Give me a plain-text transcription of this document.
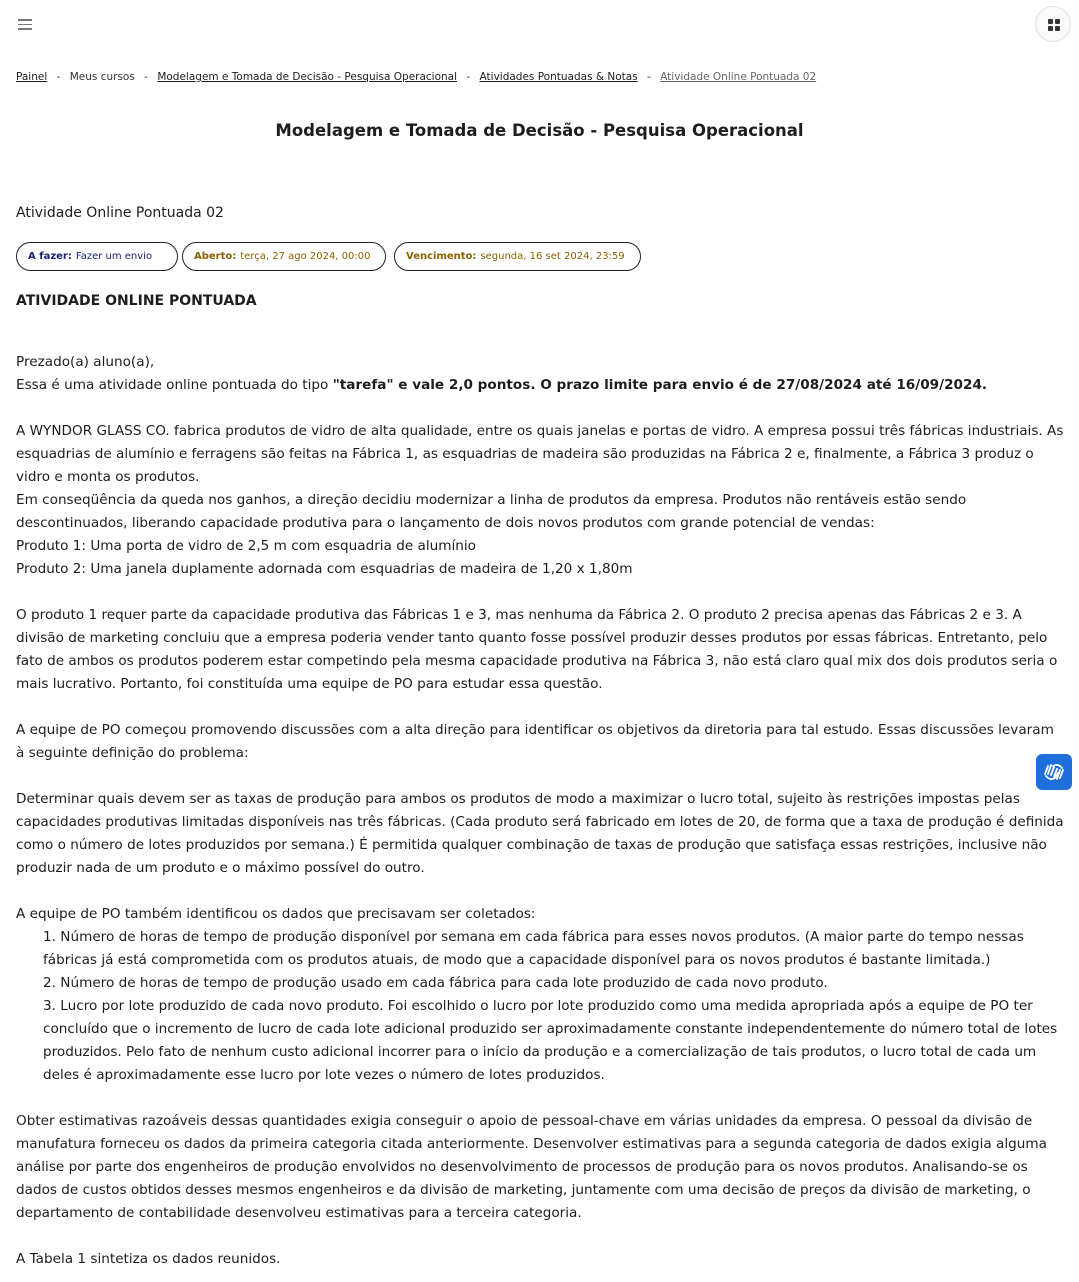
Painel - Meus cursos - Modelagem e Tomada de Decisão - Pesquisa Operacional - Atividades Pontuadas & Notas - Atividade Online Pontuada 02
Modelagem e Tomada de Decisão - Pesquisa Operacional
Atividade Online Pontuada 02
A fazer: Fazer um envio	Aberto: terça, 27 ago 2024, 00:00	Vencimento: segunda, 16 set 2024, 23:59

ATIVIDADE ONLINE PONTUADA

Prezado(a) aluno(a),

Essa é uma atividade online pontuada do tipo "tarefa" e vale 2,0 pontos. O prazo limite para envio é de 27/08/2024 até 16/09/2024.

A WYNDOR GLASS CO. fabrica produtos de vidro de alta qualidade, entre os quais janelas e portas de vidro. A empresa possui três fábricas industriais. As esquadrias de alumínio e ferragens são feitas na Fábrica 1, as esquadrias de madeira são produzidas na Fábrica 2 e, finalmente, a Fábrica 3 produz o vidro e monta os produtos.

Em conseqüência da queda nos ganhos, a direção decidiu modernizar a linha de produtos da empresa. Produtos não rentáveis estão sendo descontinuados, liberando capacidade produtiva para o lançamento de dois novos produtos com grande potencial de vendas:

Produto 1: Uma porta de vidro de 2,5 m com esquadria de alumínio

Produto 2: Uma janela duplamente adornada com esquadrias de madeira de 1,20 x 1,80m

O produto 1 requer parte da capacidade produtiva das Fábricas 1 e 3, mas nenhuma da Fábrica 2. O produto 2 precisa apenas das Fábricas 2 e 3. A divisão de marketing concluiu que a empresa poderia vender tanto quanto fosse possível produzir desses produtos por essas fábricas. Entretanto, pelo fato de ambos os produtos poderem estar competindo pela mesma capacidade produtiva na Fábrica 3, não está claro qual mix dos dois produtos seria o mais lucrativo. Portanto, foi constituída uma equipe de PO para estudar essa questão.

A equipe de PO começou promovendo discussões com a alta direção para identificar os objetivos da diretoria para tal estudo. Essas discussões levaram à seguinte definição do problema:

Determinar quais devem ser as taxas de produção para ambos os produtos de modo a maximizar o lucro total, sujeito às restrições impostas pelas capacidades produtivas limitadas disponíveis nas três fábricas. (Cada produto será fabricado em lotes de 20, de forma que a taxa de produção é definida como o número de lotes produzidos por semana.) É permitida qualquer combinação de taxas de produção que satisfaça essas restrições, inclusive não produzir nada de um produto e o máximo possível do outro.

A equipe de PO também identificou os dados que precisavam ser coletados:

1. Número de horas de tempo de produção disponível por semana em cada fábrica para esses novos produtos. (A maior parte do tempo nessas fábricas já está comprometida com os produtos atuais, de modo que a capacidade disponível para os novos produtos é bastante limitada.)
2. Número de horas de tempo de produção usado em cada fábrica para cada lote produzido de cada novo produto.
3. Lucro por lote produzido de cada novo produto. Foi escolhido o lucro por lote produzido como uma medida apropriada após a equipe de PO ter concluído que o incremento de lucro de cada lote adicional produzido ser aproximadamente constante independentemente do número total de lotes produzidos. Pelo fato de nenhum custo adicional incorrer para o início da produção e a comercialização de tais produtos, o lucro total de cada um deles é aproximadamente esse lucro por lote vezes o número de lotes produzidos.

Obter estimativas razoáveis dessas quantidades exigia conseguir o apoio de pessoal-chave em várias unidades da empresa. O pessoal da divisão de manufatura forneceu os dados da primeira categoria citada anteriormente. Desenvolver estimativas para a segunda categoria de dados exigia alguma análise por parte dos engenheiros de produção envolvidos no desenvolvimento de processos de produção para os novos produtos. Analisando-se os dados de custos obtidos desses mesmos engenheiros e da divisão de marketing, juntamente com uma decisão de preços da divisão de marketing, o departamento de contabilidade desenvolveu estimativas para a terceira categoria.

A Tabela 1 sintetiza os dados reunidos.
